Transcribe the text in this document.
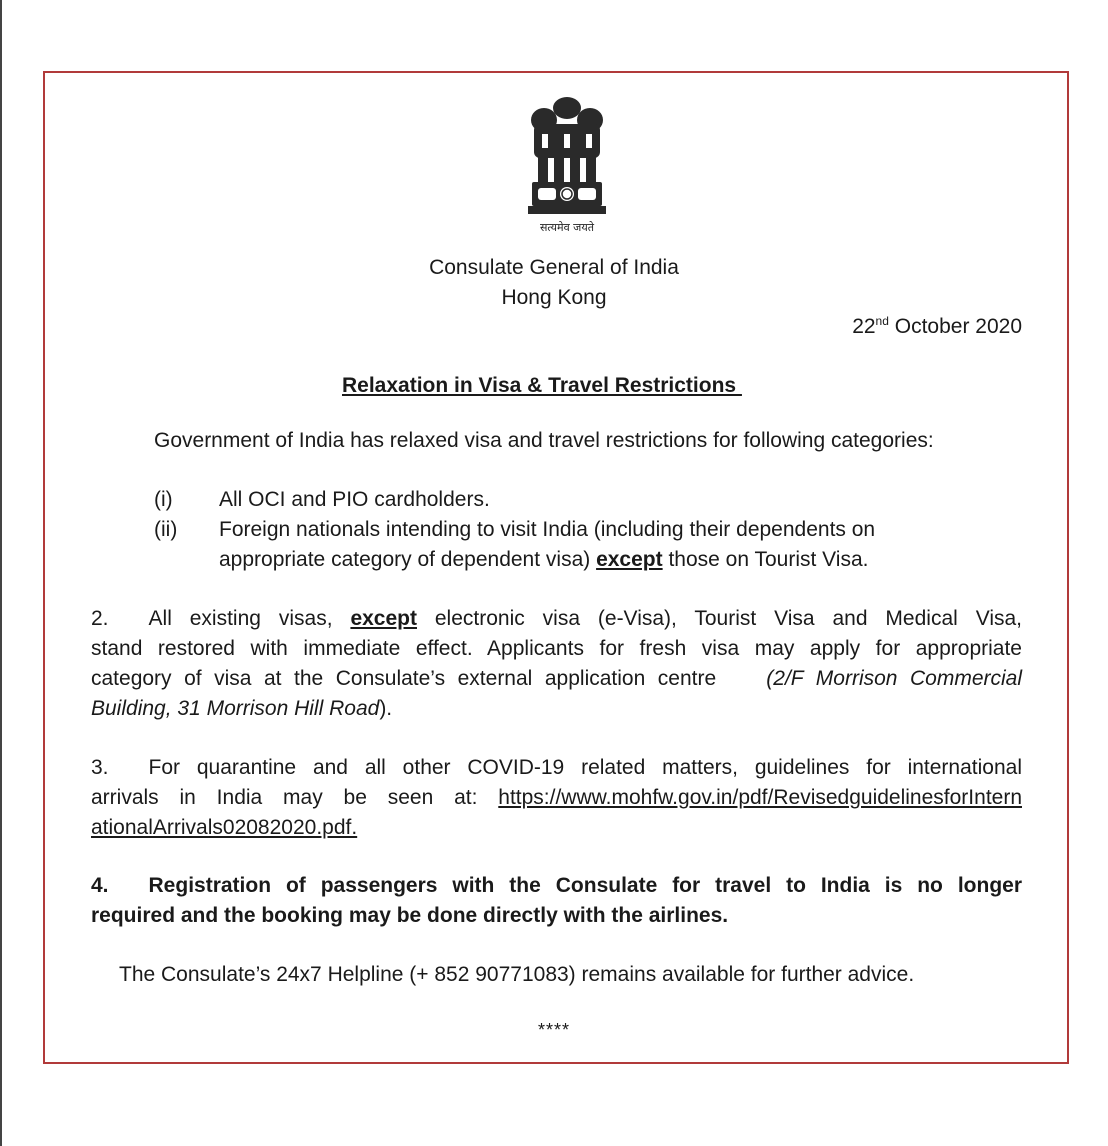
सत्यमेव जयते
Consulate General of India
Hong Kong
22nd October 2020
Relaxation in Visa & Travel Restrictions
Government of India has relaxed visa and travel restrictions for following categories:
(i) All OCI and PIO cardholders.
(ii) Foreign nationals intending to visit India (including their dependents on
appropriate category of dependent visa) except those on Tourist Visa.
2. All existing visas, except electronic visa (e-Visa), Tourist Visa and Medical Visa,
stand restored with immediate effect. Applicants for fresh visa may apply for appropriate
category of visa at the Consulate’s external application centre (2/F Morrison Commercial
Building, 31 Morrison Hill Road).
3. For quarantine and all other COVID-19 related matters, guidelines for international
arrivals in India may be seen at: https://www.mohfw.gov.in/pdf/RevisedguidelinesforIntern
ationalArrivals02082020.pdf.
4. Registration of passengers with the Consulate for travel to India is no longer
required and the booking may be done directly with the airlines.
The Consulate’s 24x7 Helpline (+ 852 90771083) remains available for further advice.
****
